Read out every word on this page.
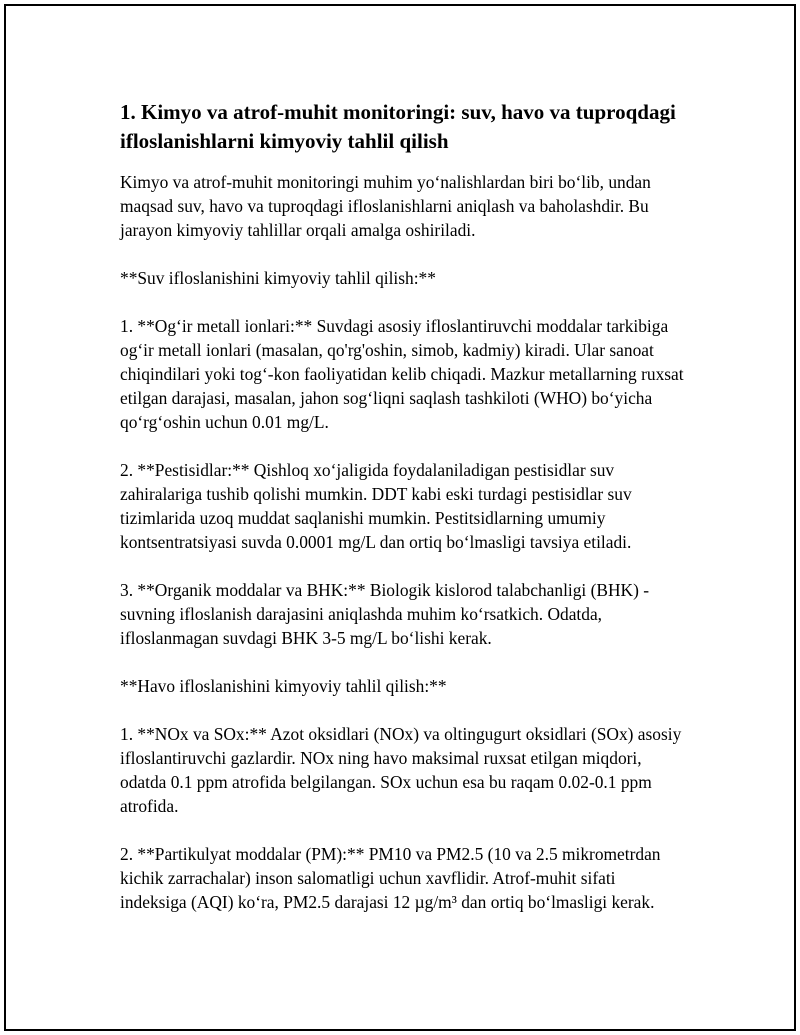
1. Kimyo va atrof-muhit monitoringi: suv, havo va tuproqdagi ifloslanishlarni kimyoviy tahlil qilish

Kimyo va atrof-muhit monitoringi muhim yo‘nalishlardan biri bo‘lib, undan maqsad suv, havo va tuproqdagi ifloslanishlarni aniqlash va baholashdir. Bu jarayon kimyoviy tahlillar orqali amalga oshiriladi.

**Suv ifloslanishini kimyoviy tahlil qilish:**

1. **Og‘ir metall ionlari:** Suvdagi asosiy ifloslantiruvchi moddalar tarkibiga og‘ir metall ionlari (masalan, qo'rg'oshin, simob, kadmiy) kiradi. Ular sanoat chiqindilari yoki tog‘-kon faoliyatidan kelib chiqadi. Mazkur metallarning ruxsat etilgan darajasi, masalan, jahon sog‘liqni saqlash tashkiloti (WHO) bo‘yicha qo‘rg‘oshin uchun 0.01 mg/L.

2. **Pestisidlar:** Qishloq xo‘jaligida foydalaniladigan pestisidlar suv zahiralariga tushib qolishi mumkin. DDT kabi eski turdagi pestisidlar suv tizimlarida uzoq muddat saqlanishi mumkin. Pestitsidlarning umumiy kontsentratsiyasi suvda 0.0001 mg/L dan ortiq bo‘lmasligi tavsiya etiladi.

3. **Organik moddalar va BHK:** Biologik kislorod talabchanligi (BHK) - suvning ifloslanish darajasini aniqlashda muhim ko‘rsatkich. Odatda, ifloslanmagan suvdagi BHK 3-5 mg/L bo‘lishi kerak.

**Havo ifloslanishini kimyoviy tahlil qilish:**

1. **NOx va SOx:** Azot oksidlari (NOx) va oltingugurt oksidlari (SOx) asosiy ifloslantiruvchi gazlardir. NOx ning havo maksimal ruxsat etilgan miqdori, odatda 0.1 ppm atrofida belgilangan. SOx uchun esa bu raqam 0.02-0.1 ppm atrofida.

2. **Partikulyat moddalar (PM):** PM10 va PM2.5 (10 va 2.5 mikrometrdan kichik zarrachalar) inson salomatligi uchun xavflidir. Atrof-muhit sifati indeksiga (AQI) ko‘ra, PM2.5 darajasi 12 µg/m³ dan ortiq bo‘lmasligi kerak.
